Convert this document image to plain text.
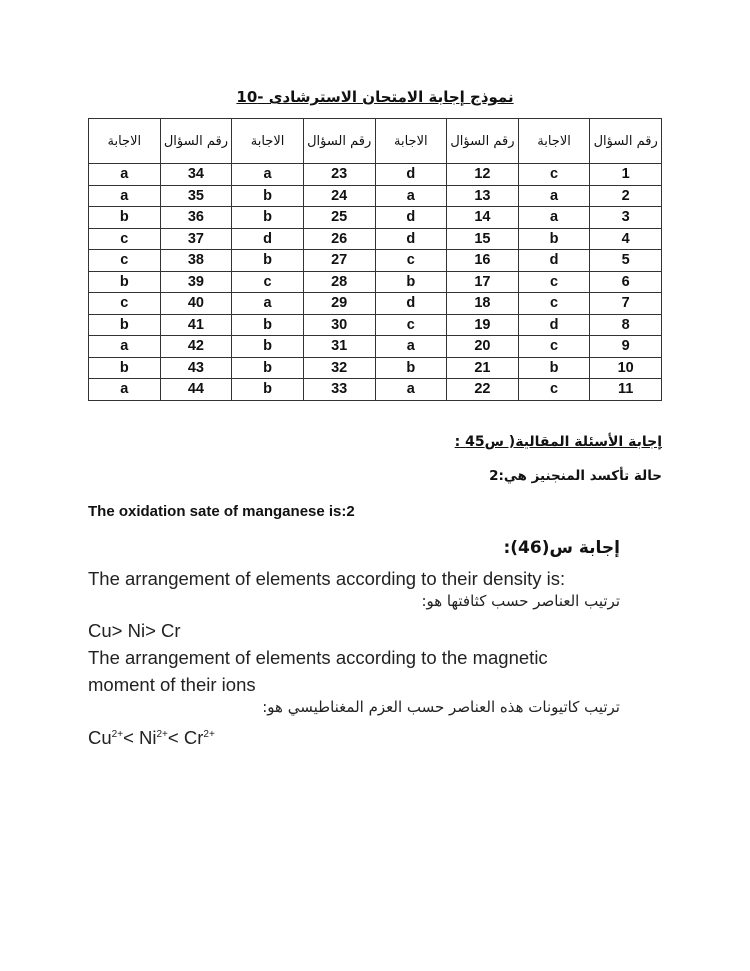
نموذج إجابة الامتحان الاسترشادى -10
رقم السؤال	الاجابة	رقم السؤال	الاجابة	رقم السؤال	الاجابة	رقم السؤال	الاجابة
1	c	12	d	23	a	34	a
2	a	13	a	24	b	35	a
3	a	14	d	25	b	36	b
4	b	15	d	26	d	37	c
5	d	16	c	27	b	38	c
6	c	17	b	28	c	39	b
7	c	18	d	29	a	40	c
8	d	19	c	30	b	41	b
9	c	20	a	31	b	42	a
10	b	21	b	32	b	43	b
11	c	22	a	33	b	44	a
إجابة الأسئلة المقالية( س45 :
حالة تأكسد المنجنيز هي:2
The oxidation sate of manganese is:2
إجابة س(46):
The arrangement of elements according to their density is:
ترتيب العناصر حسب كثافتها هو:
Cu> Ni> Cr
The arrangement of elements according to the magnetic moment of their ions
ترتيب كاتيونات هذه العناصر حسب العزم المغناطيسي هو:
$Cu^{2+}< Ni^{2+}< Cr^{2+}$
